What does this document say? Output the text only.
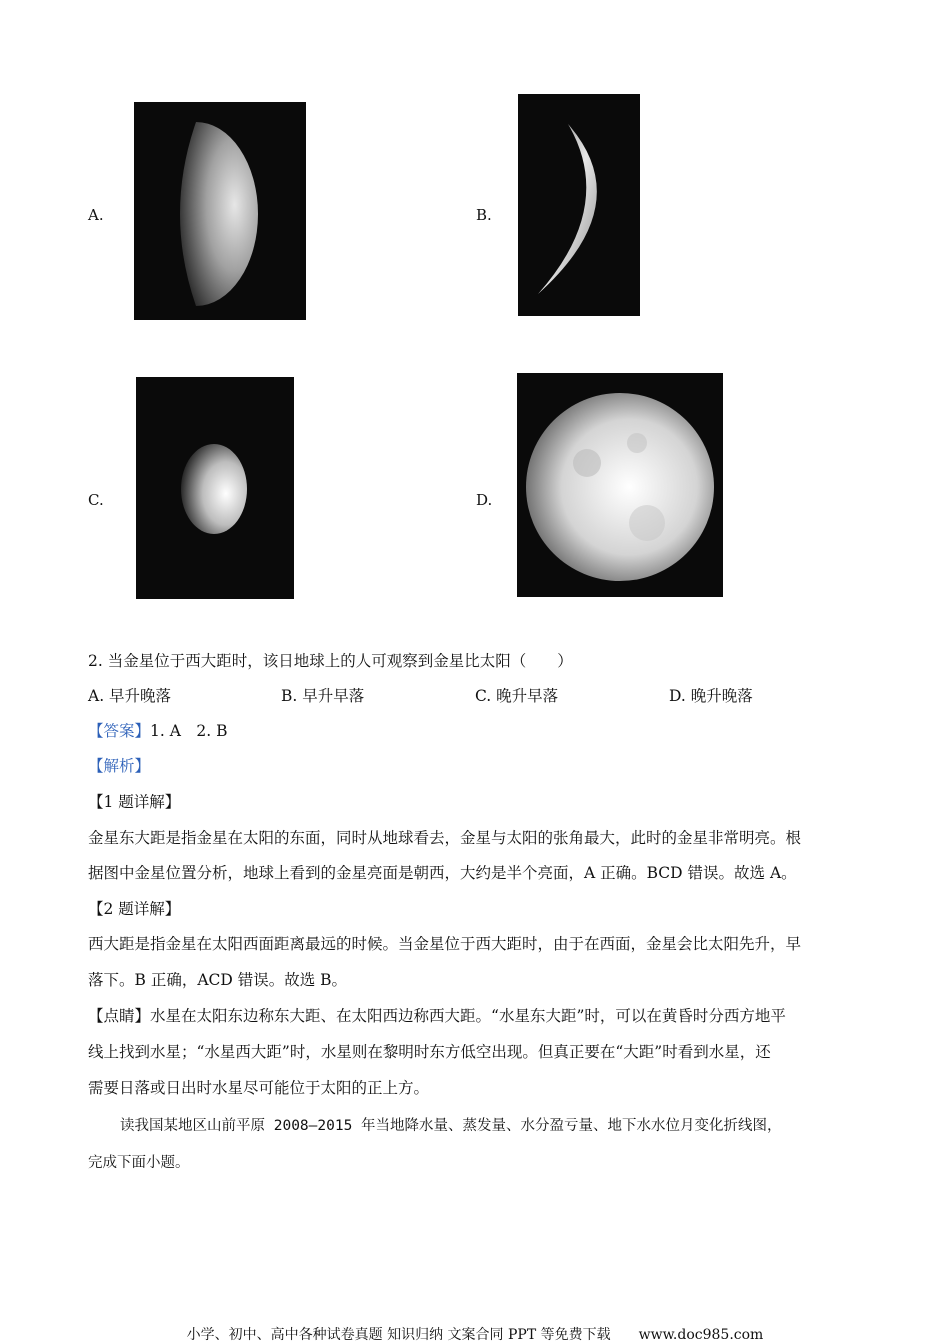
A.	B.
C.	D.
2. 当金星位于西大距时，该日地球上的人可观察到金星比太阳（　　）
A. 早升晚落	B. 早升早落	C. 晚升早落	D. 晚升晚落
【答案】1. A　2. B
【解析】
【1 题详解】
金星东大距是指金星在太阳的东面，同时从地球看去，金星与太阳的张角最大，此时的金星非常明亮。根
据图中金星位置分析，地球上看到的金星亮面是朝西，大约是半个亮面，A 正确。BCD 错误。故选 A。
【2 题详解】
西大距是指金星在太阳西面距离最远的时候。当金星位于西大距时，由于在西面，金星会比太阳先升，早
落下。B 正确，ACD 错误。故选 B。
【点睛】水星在太阳东边称东大距、在太阳西边称西大距。“水星东大距”时，可以在黄昏时分西方地平
线上找到水星；“水星西大距”时，水星则在黎明时东方低空出现。但真正要在“大距”时看到水星，还
需要日落或日出时水星尽可能位于太阳的正上方。
读我国某地区山前平原 2008—2015 年当地降水量、蒸发量、水分盈亏量、地下水水位月变化折线图，
完成下面小题。
小学、初中、高中各种试卷真题 知识归纳 文案合同 PPT 等免费下载　　www.doc985.com
